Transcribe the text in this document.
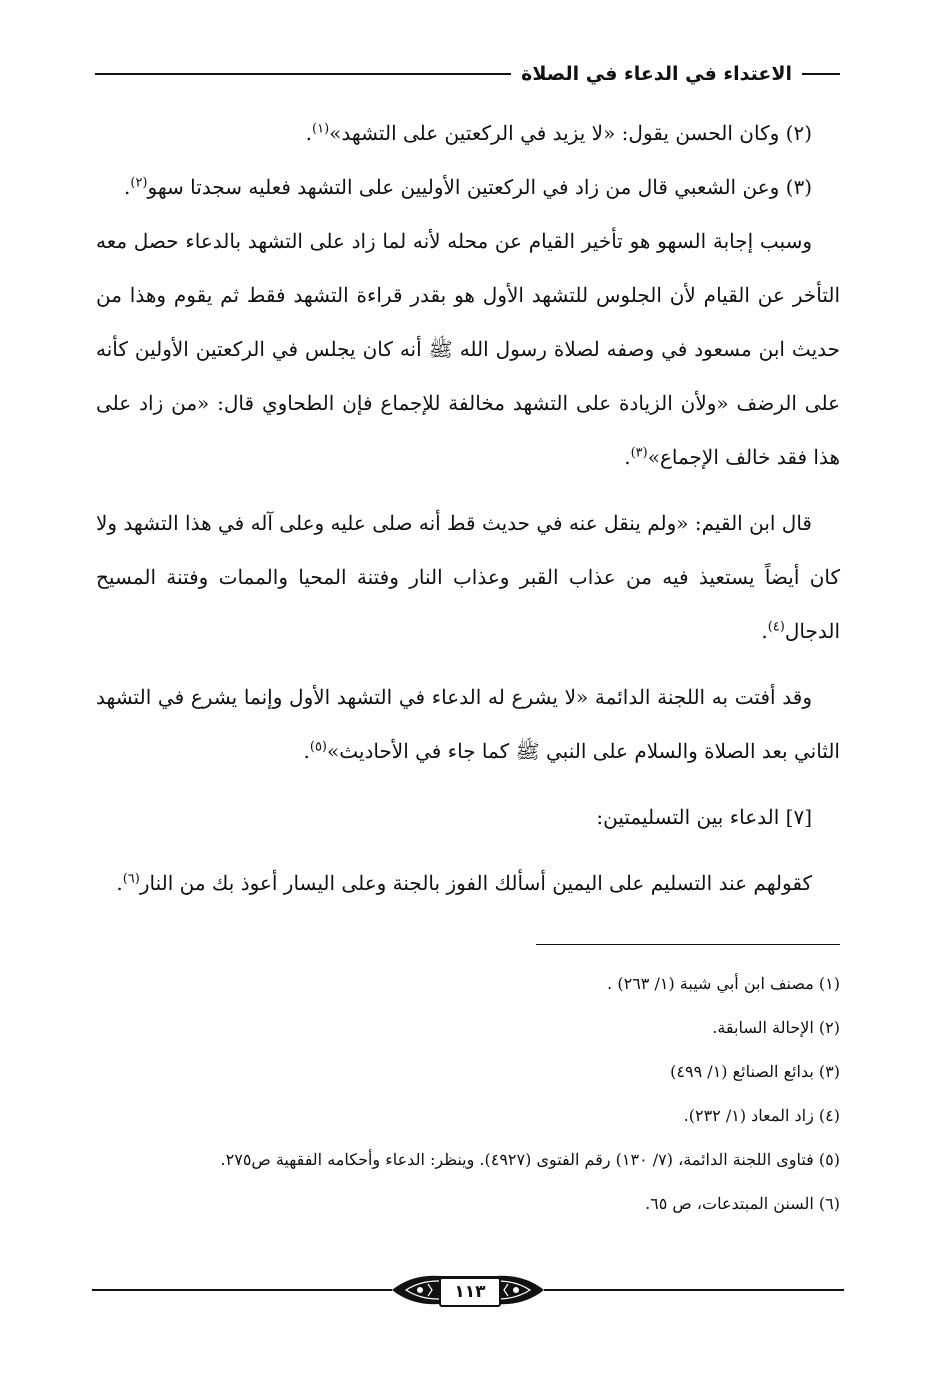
الاعتداء في الدعاء في الصلاة

(٢) وكان الحسن يقول: «لا يزيد في الركعتين على التشهد»$^{(١)}$.

(٣) وعن الشعبي قال من زاد في الركعتين الأوليين على التشهد فعليه سجدتا سهو$^{(٢)}$.

وسبب إجابة السهو هو تأخير القيام عن محله لأنه لما زاد على التشهد بالدعاء حصل معه التأخر عن القيام لأن الجلوس للتشهد الأول هو بقدر قراءة التشهد فقط ثم يقوم وهذا من حديث ابن مسعود في وصفه لصلاة رسول الله ﷺ أنه كان يجلس في الركعتين الأولين كأنه على الرضف «ولأن الزيادة على التشهد مخالفة للإجماع فإن الطحاوي قال: «من زاد على هذا فقد خالف الإجماع»$^{(٣)}$.

قال ابن القيم: «ولم ينقل عنه في حديث قط أنه صلى عليه وعلى آله في هذا التشهد ولا كان أيضاً يستعيذ فيه من عذاب القبر وعذاب النار وفتنة المحيا والممات وفتنة المسيح الدجال$^{(٤)}$.

وقد أفتت به اللجنة الدائمة «لا يشرع له الدعاء في التشهد الأول وإنما يشرع في التشهد الثاني بعد الصلاة والسلام على النبي ﷺ كما جاء في الأحاديث»$^{(٥)}$.

[٧] الدعاء بين التسليمتين:

كقولهم عند التسليم على اليمين أسألك الفوز بالجنة وعلى اليسار أعوذ بك من النار$^{(٦)}$.

(١) مصنف ابن أبي شيبة (١/ ٢٦٣) .
(٢) الإحالة السابقة.
(٣) بدائع الصنائع (١/ ٤٩٩)
(٤) زاد المعاد (١/ ٢٣٢).
(٥) فتاوى اللجنة الدائمة، (٧/ ١٣٠) رقم الفتوى (٤٩٢٧). وينظر: الدعاء وأحكامه الفقهية ص٢٧٥.
(٦) السنن المبتدعات، ص ٦٥.
١١٣
